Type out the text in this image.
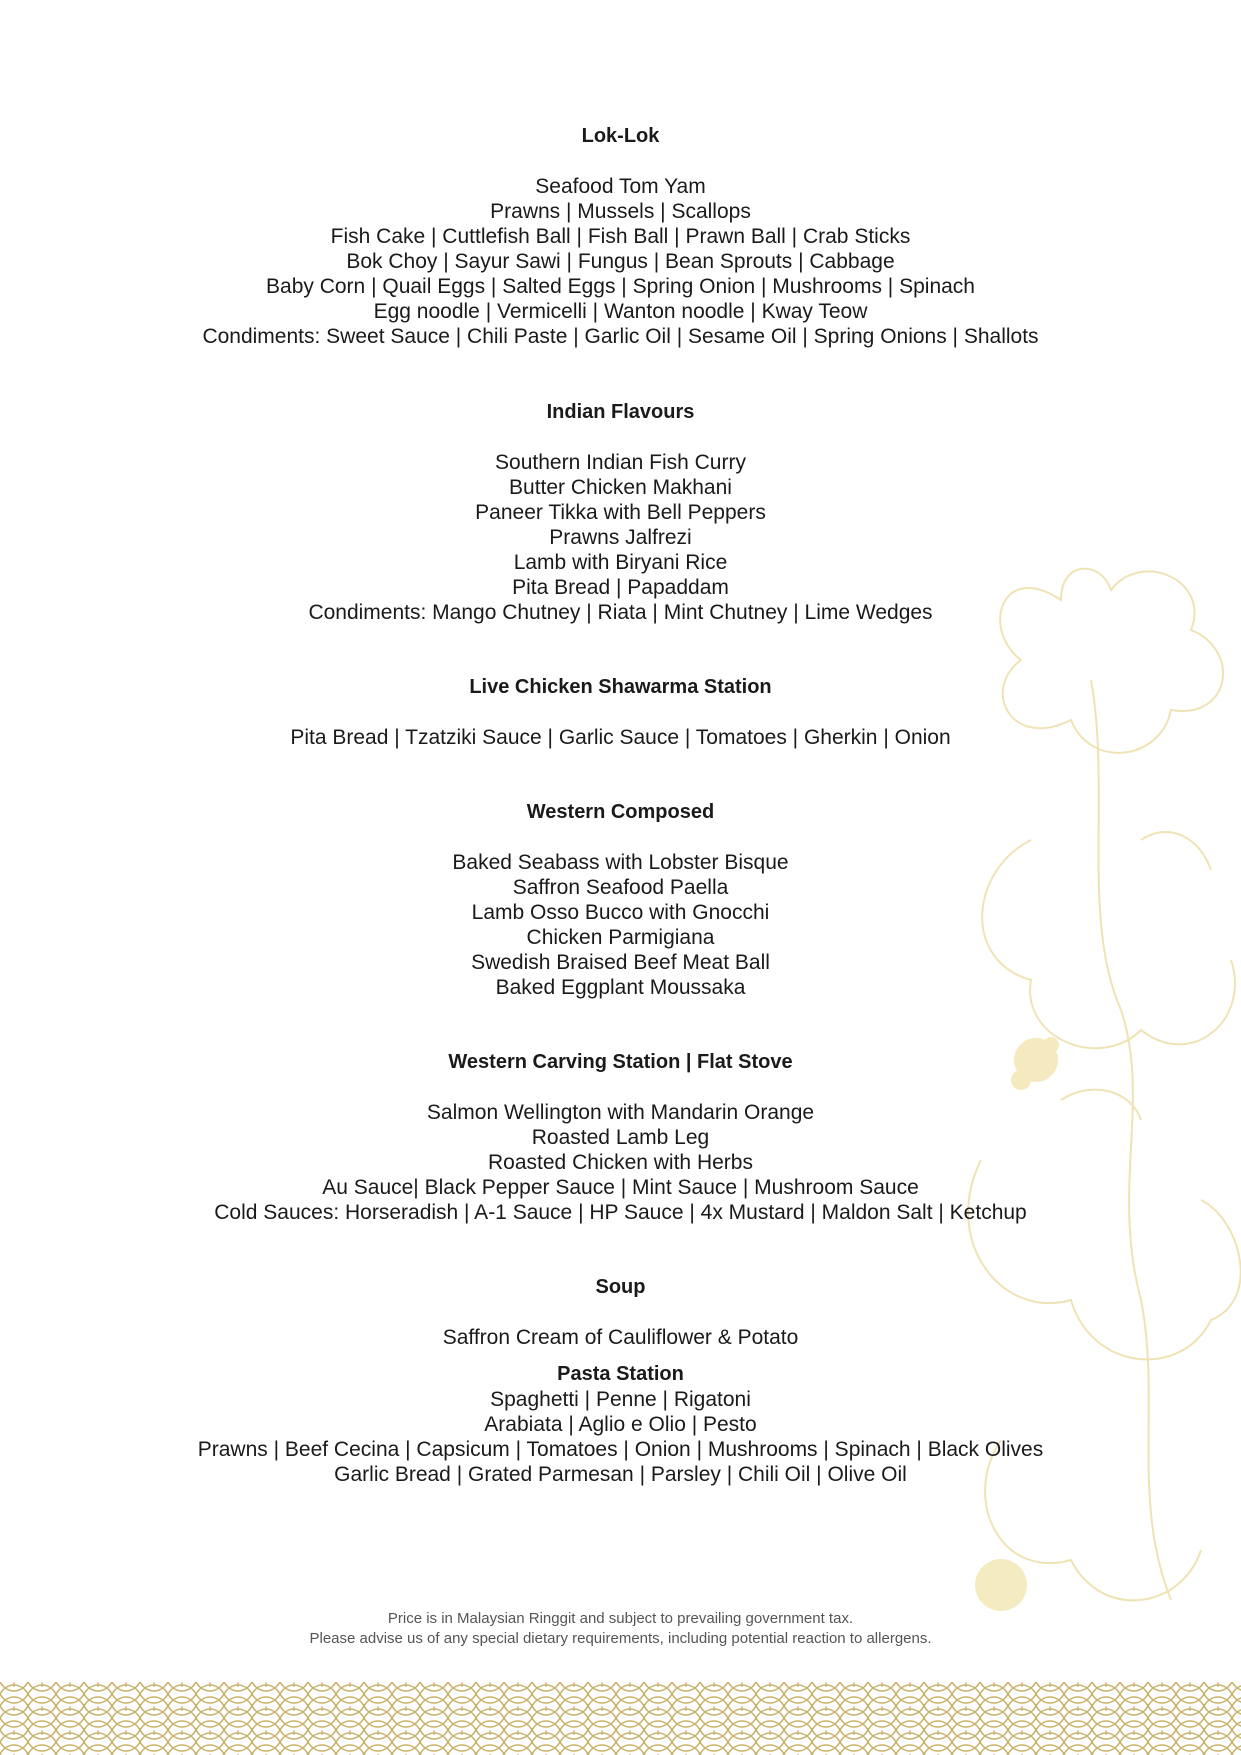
Lok-Lok
Seafood Tom Yam
Prawns | Mussels | Scallops
Fish Cake | Cuttlefish Ball | Fish Ball | Prawn Ball | Crab Sticks
Bok Choy | Sayur Sawi | Fungus | Bean Sprouts | Cabbage
Baby Corn | Quail Eggs | Salted Eggs | Spring Onion | Mushrooms | Spinach
Egg noodle | Vermicelli | Wanton noodle | Kway Teow
Condiments: Sweet Sauce | Chili Paste | Garlic Oil | Sesame Oil | Spring Onions | Shallots
Indian Flavours
Southern Indian Fish Curry
Butter Chicken Makhani
Paneer Tikka with Bell Peppers
Prawns Jalfrezi
Lamb with Biryani Rice
Pita Bread | Papaddam
Condiments: Mango Chutney | Riata | Mint Chutney | Lime Wedges
Live Chicken Shawarma Station
Pita Bread | Tzatziki Sauce | Garlic Sauce | Tomatoes | Gherkin | Onion
Western Composed
Baked Seabass with Lobster Bisque
Saffron Seafood Paella
Lamb Osso Bucco with Gnocchi
Chicken Parmigiana
Swedish Braised Beef Meat Ball
Baked Eggplant Moussaka
Western Carving Station | Flat Stove
Salmon Wellington with Mandarin Orange
Roasted Lamb Leg
Roasted Chicken with Herbs
Au Sauce| Black Pepper Sauce | Mint Sauce | Mushroom Sauce
Cold Sauces: Horseradish | A-1 Sauce | HP Sauce | 4x Mustard | Maldon Salt | Ketchup
Soup
Saffron Cream of Cauliflower & Potato
Pasta Station
Spaghetti | Penne | Rigatoni
Arabiata | Aglio e Olio | Pesto
Prawns | Beef Cecina | Capsicum | Tomatoes | Onion | Mushrooms | Spinach | Black Olives
Garlic Bread | Grated Parmesan | Parsley | Chili Oil | Olive Oil
Price is in Malaysian Ringgit and subject to prevailing government tax.
Please advise us of any special dietary requirements, including potential reaction to allergens.
